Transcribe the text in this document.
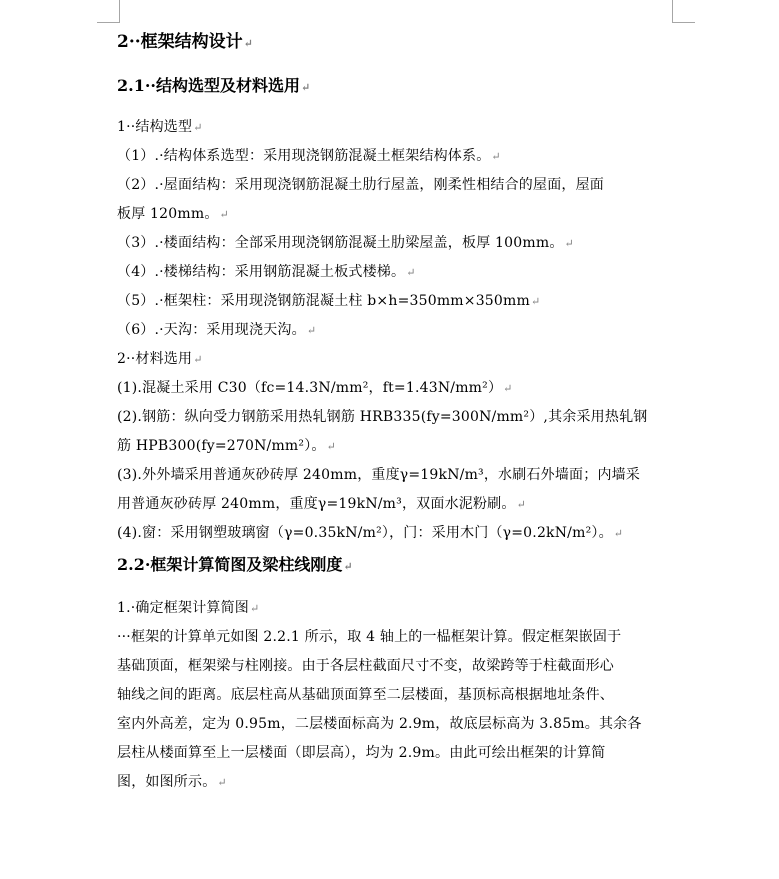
2··框架结构设计↵
2.1··结构选型及材料选用↵
1··结构选型↵
（1）.·结构体系选型：采用现浇钢筋混凝土框架结构体系。↵
（2）.·屋面结构：采用现浇钢筋混凝土肋行屋盖，刚柔性相结合的屋面，屋面
板厚 120mm。↵
（3）.·楼面结构：全部采用现浇钢筋混凝土肋梁屋盖，板厚 100mm。↵
（4）.·楼梯结构：采用钢筋混凝土板式楼梯。↵
（5）.·框架柱：采用现浇钢筋混凝土柱 b×h=350mm×350mm↵
（6）.·天沟：采用现浇天沟。↵
2··材料选用↵
(1).混凝土采用 C30（fc=14.3N/mm²，ft=1.43N/mm²）↵
(2).钢筋：纵向受力钢筋采用热轧钢筋 HRB335(fy=300N/mm²）,其余采用热轧钢
筋 HPB300(fy=270N/mm²）。↵
(3).外外墙采用普通灰砂砖厚 240mm，重度γ=19kN/m³，水刷石外墙面；内墙采
用普通灰砂砖厚 240mm，重度γ=19kN/m³，双面水泥粉刷。↵
(4).窗：采用钢塑玻璃窗（γ=0.35kN/m²），门：采用木门（γ=0.2kN/m²）。↵
2.2·框架计算简图及梁柱线刚度↵
1.·确定框架计算简图↵
···框架的计算单元如图 2.2.1 所示，取 4 轴上的一榀框架计算。假定框架嵌固于
基础顶面，框架梁与柱刚接。由于各层柱截面尺寸不变，故梁跨等于柱截面形心
轴线之间的距离。底层柱高从基础顶面算至二层楼面，基顶标高根据地址条件、
室内外高差，定为 0.95m，二层楼面标高为 2.9m，故底层标高为 3.85m。其余各
层柱从楼面算至上一层楼面（即层高），均为 2.9m。由此可绘出框架的计算简
图，如图所示。↵
